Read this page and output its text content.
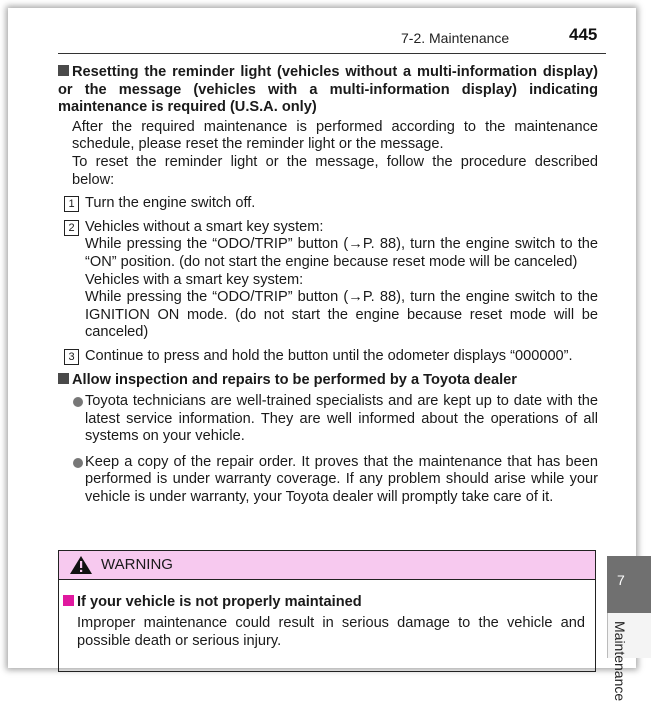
7-2. Maintenance	445
Resetting the reminder light (vehicles without a multi-information display) or the message (vehicles with a multi-information display) indicating maintenance is required (U.S.A. only)
After the required maintenance is performed according to the maintenance schedule, please reset the reminder light or the message.
To reset the reminder light or the message, follow the procedure described below:
1 Turn the engine switch off.
2 Vehicles without a smart key system:
While pressing the “ODO/TRIP” button (→P. 88), turn the engine switch to the “ON” position. (do not start the engine because reset mode will be canceled)
Vehicles with a smart key system:
While pressing the “ODO/TRIP” button (→P. 88), turn the engine switch to the IGNITION ON mode. (do not start the engine because reset mode will be canceled)
3 Continue to press and hold the button until the odometer displays “000000”.
Allow inspection and repairs to be performed by a Toyota dealer
Toyota technicians are well-trained specialists and are kept up to date with the latest service information. They are well informed about the operations of all systems on your vehicle.
Keep a copy of the repair order. It proves that the maintenance that has been performed is under warranty coverage. If any problem should arise while your vehicle is under warranty, your Toyota dealer will promptly take care of it.
WARNING
If your vehicle is not properly maintained
Improper maintenance could result in serious damage to the vehicle and possible death or serious injury.
7
Maintenance
